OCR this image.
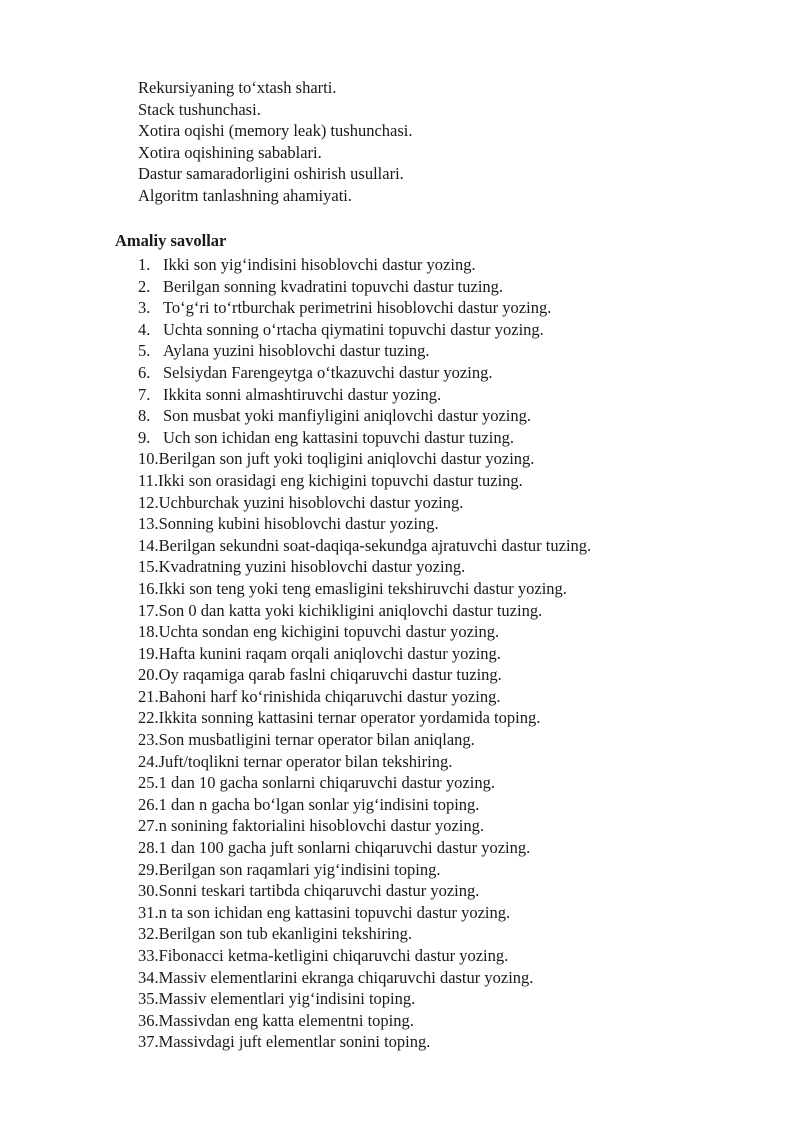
Rekursiyaning to‘xtash sharti.
Stack tushunchasi.
Xotira oqishi (memory leak) tushunchasi.
Xotira oqishining sabablari.
Dastur samaradorligini oshirish usullari.
Algoritm tanlashning ahamiyati.
Amaliy savollar
1. Ikki son yig‘indisini hisoblovchi dastur yozing.
2. Berilgan sonning kvadratini topuvchi dastur tuzing.
3. To‘g‘ri to‘rtburchak perimetrini hisoblovchi dastur yozing.
4. Uchta sonning o‘rtacha qiymatini topuvchi dastur yozing.
5. Aylana yuzini hisoblovchi dastur tuzing.
6. Selsiydan Farengeytga o‘tkazuvchi dastur yozing.
7. Ikkita sonni almashtiruvchi dastur yozing.
8. Son musbat yoki manfiyligini aniqlovchi dastur yozing.
9. Uch son ichidan eng kattasini topuvchi dastur tuzing.
10. Berilgan son juft yoki toqligini aniqlovchi dastur yozing.
11. Ikki son orasidagi eng kichigini topuvchi dastur tuzing.
12. Uchburchak yuzini hisoblovchi dastur yozing.
13. Sonning kubini hisoblovchi dastur yozing.
14. Berilgan sekundni soat-daqiqa-sekundga ajratuvchi dastur tuzing.
15. Kvadratning yuzini hisoblovchi dastur yozing.
16. Ikki son teng yoki teng emasligini tekshiruvchi dastur yozing.
17. Son 0 dan katta yoki kichikligini aniqlovchi dastur tuzing.
18. Uchta sondan eng kichigini topuvchi dastur yozing.
19. Hafta kunini raqam orqali aniqlovchi dastur yozing.
20. Oy raqamiga qarab faslni chiqaruvchi dastur tuzing.
21. Bahoni harf ko‘rinishida chiqaruvchi dastur yozing.
22. Ikkita sonning kattasini ternar operator yordamida toping.
23. Son musbatligini ternar operator bilan aniqlang.
24. Juft/toqlikni ternar operator bilan tekshiring.
25. 1 dan 10 gacha sonlarni chiqaruvchi dastur yozing.
26. 1 dan n gacha bo‘lgan sonlar yig‘indisini toping.
27. n sonining faktorialini hisoblovchi dastur yozing.
28. 1 dan 100 gacha juft sonlarni chiqaruvchi dastur yozing.
29. Berilgan son raqamlari yig‘indisini toping.
30. Sonni teskari tartibda chiqaruvchi dastur yozing.
31. n ta son ichidan eng kattasini topuvchi dastur yozing.
32. Berilgan son tub ekanligini tekshiring.
33. Fibonacci ketma-ketligini chiqaruvchi dastur yozing.
34. Massiv elementlarini ekranga chiqaruvchi dastur yozing.
35. Massiv elementlari yig‘indisini toping.
36. Massivdan eng katta elementni toping.
37. Massivdagi juft elementlar sonini toping.
